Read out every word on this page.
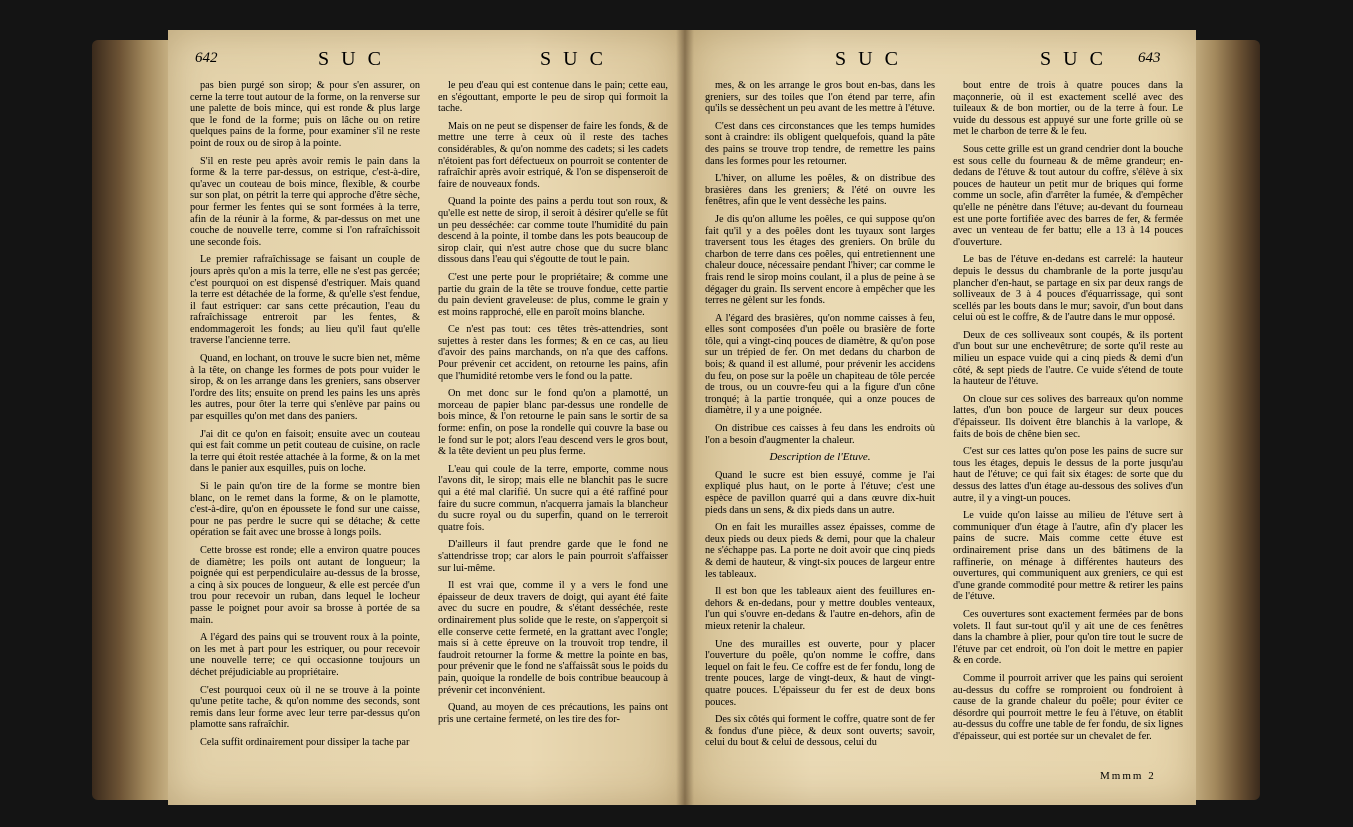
642	SUC	SUC	SUC	SUC 643

pas bien purgé son sirop; & pour s'en assurer, on cerne la terre tout autour de la forme, on la renverse sur une palette de bois mince, qui est ronde & plus large que le fond de la forme; puis on lâche ou on retire quelques pains de la forme, pour examiner s'il ne reste point de roux ou de sirop à la pointe.

S'il en reste peu après avoir remis le pain dans la forme & la terre par-dessus, on estrique, c'est-à-dire, qu'avec un couteau de bois mince, flexible, & courbe sur son plat, on pétrit la terre qui approche d'être sèche, pour fermer les fentes qui se sont formées à la terre, afin de la réunir à la forme, & par-dessus on met une couche de nouvelle terre, comme si l'on rafraîchissoit une seconde fois.

Le premier rafraîchissage se faisant un couple de jours après qu'on a mis la terre, elle ne s'est pas gercée; c'est pourquoi on est dispensé d'estriquer. Mais quand la terre est détachée de la forme, & qu'elle s'est fendue, il faut estriquer: car sans cette précaution, l'eau du rafraîchissage entreroit par les fentes, & endommageroit les fonds; au lieu qu'il faut qu'elle traverse l'ancienne terre.

Quand, en lochant, on trouve le sucre bien net, même à la tête, on change les formes de pots pour vuider le sirop, & on les arrange dans les greniers, sans observer l'ordre des lits; ensuite on prend les pains les uns après les autres, pour ôter la terre qui s'enlève par pains ou par esquilles qu'on met dans des paniers.

J'ai dit ce qu'on en faisoit; ensuite avec un couteau qui est fait comme un petit couteau de cuisine, on racle la terre qui étoit restée attachée à la forme, & on la met dans le panier aux esquilles, puis on loche.

Si le pain qu'on tire de la forme se montre bien blanc, on le remet dans la forme, & on le plamotte, c'est-à-dire, qu'on en époussete le fond sur une caisse, pour ne pas perdre le sucre qui se détache; & cette opération se fait avec une brosse à longs poils.

Cette brosse est ronde; elle a environ quatre pouces de diamètre; les poils ont autant de longueur; la poignée qui est perpendiculaire au-dessus de la brosse, a cinq à six pouces de longueur, & elle est percée d'un trou pour recevoir un ruban, dans lequel le locheur passe le poignet pour avoir sa brosse à portée de sa main.

A l'égard des pains qui se trouvent roux à la pointe, on les met à part pour les estriquer, ou pour recevoir une nouvelle terre; ce qui occasionne toujours un déchet préjudiciable au propriétaire.

C'est pourquoi ceux où il ne se trouve à la pointe qu'une petite tache, & qu'on nomme des seconds, sont remis dans leur forme avec leur terre par-dessus qu'on plamotte sans rafraîchir.

Cela suffit ordinairement pour dissiper la tache par

le peu d'eau qui est contenue dans le pain; cette eau, en s'égouttant, emporte le peu de sirop qui formoit la tache.

Mais on ne peut se dispenser de faire les fonds, & de mettre une terre à ceux où il reste des taches considérables, & qu'on nomme des cadets; si les cadets n'étoient pas fort défectueux on pourroit se contenter de rafraîchir après avoir estriqué, & l'on se dispenseroit de faire de nouveaux fonds.

Quand la pointe des pains a perdu tout son roux, & qu'elle est nette de sirop, il seroit à désirer qu'elle se fût un peu desséchée: car comme toute l'humidité du pain descend à la pointe, il tombe dans les pots beaucoup de sirop clair, qui n'est autre chose que du sucre blanc dissous dans l'eau qui s'égoutte de tout le pain.

C'est une perte pour le propriétaire; & comme une partie du grain de la tête se trouve fondue, cette partie du pain devient graveleuse: de plus, comme le grain y est moins rapproché, elle en paroît moins blanche.

Ce n'est pas tout: ces têtes très-attendries, sont sujettes à rester dans les formes; & en ce cas, au lieu d'avoir des pains marchands, on n'a que des caffons. Pour prévenir cet accident, on retourne les pains, afin que l'humidité retombe vers le fond ou la patte.

On met donc sur le fond qu'on a plamotté, un morceau de papier blanc par-dessus une rondelle de bois mince, & l'on retourne le pain sans le sortir de sa forme: enfin, on pose la rondelle qui couvre la base ou le fond sur le pot; alors l'eau descend vers le gros bout, & la tête devient un peu plus ferme.

L'eau qui coule de la terre, emporte, comme nous l'avons dit, le sirop; mais elle ne blanchit pas le sucre qui a été mal clarifié. Un sucre qui a été raffiné pour faire du sucre commun, n'acquerra jamais la blancheur du sucre royal ou du superfin, quand on le terreroit quatre fois.

D'ailleurs il faut prendre garde que le fond ne s'attendrisse trop; car alors le pain pourroit s'affaisser sur lui-même.

Il est vrai que, comme il y a vers le fond une épaisseur de deux travers de doigt, qui ayant été faite avec du sucre en poudre, & s'étant desséchée, reste ordinairement plus solide que le reste, on s'apperçoit si elle conserve cette fermeté, en la grattant avec l'ongle; mais si à cette épreuve on la trouvoit trop tendre, il faudroit retourner la forme & mettre la pointe en bas, pour prévenir que le fond ne s'affaissât sous le poids du pain, quoique la rondelle de bois contribue beaucoup à prévenir cet inconvénient.

Quand, au moyen de ces précautions, les pains ont pris une certaine fermeté, on les tire des for-

mes, & on les arrange le gros bout en-bas, dans les greniers, sur des toiles que l'on étend par terre, afin qu'ils se dessèchent un peu avant de les mettre à l'étuve.

C'est dans ces circonstances que les temps humides sont à craindre: ils obligent quelquefois, quand la pâte des pains se trouve trop tendre, de remettre les pains dans les formes pour les retourner.

L'hiver, on allume les poêles, & on distribue des brasières dans les greniers; & l'été on ouvre les fenêtres, afin que le vent dessèche les pains.

Je dis qu'on allume les poêles, ce qui suppose qu'on fait qu'il y a des poêles dont les tuyaux sont larges traversent tous les étages des greniers. On brûle du charbon de terre dans ces poêles, qui entretiennent une chaleur douce, nécessaire pendant l'hiver; car comme le frais rend le sirop moins coulant, il a plus de peine à se dégager du grain. Ils servent encore à empêcher que les terres ne gèlent sur les fonds.

A l'égard des brasières, qu'on nomme caisses à feu, elles sont composées d'un poêle ou brasière de forte tôle, qui a vingt-cinq pouces de diamètre, & qu'on pose sur un trépied de fer. On met dedans du charbon de bois; & quand il est allumé, pour prévenir les accidens du feu, on pose sur la poêle un chapiteau de tôle percée de trous, ou un couvre-feu qui a la figure d'un cône tronqué; à la partie tronquée, qui a onze pouces de diamètre, il y a une poignée.

On distribue ces caisses à feu dans les endroits où l'on a besoin d'augmenter la chaleur.

Description de l'Etuve.

Quand le sucre est bien essuyé, comme je l'ai expliqué plus haut, on le porte à l'étuve; c'est une espèce de pavillon quarré qui a dans œuvre dix-huit pieds dans un sens, & dix pieds dans un autre.

On en fait les murailles assez épaisses, comme de deux pieds ou deux pieds & demi, pour que la chaleur ne s'échappe pas. La porte ne doit avoir que cinq pieds & demi de hauteur, & vingt-six pouces de largeur entre les tableaux.

Il est bon que les tableaux aient des feuillures en-dehors & en-dedans, pour y mettre doubles venteaux, l'un qui s'ouvre en-dedans & l'autre en-dehors, afin de mieux retenir la chaleur.

Une des murailles est ouverte, pour y placer l'ouverture du poêle, qu'on nomme le coffre, dans lequel on fait le feu. Ce coffre est de fer fondu, long de trente pouces, large de vingt-deux, & haut de vingt-quatre pouces. L'épaisseur du fer est de deux bons pouces.

Des six côtés qui forment le coffre, quatre sont de fer & fondus d'une pièce, & deux sont ouverts; savoir, celui du bout & celui de dessous, celui du

bout entre de trois à quatre pouces dans la maçonnerie, où il est exactement scellé avec des tuileaux & de bon mortier, ou de la terre à four. Le vuide du dessous est appuyé sur une forte grille où se met le charbon de terre & le feu.

Sous cette grille est un grand cendrier dont la bouche est sous celle du fourneau & de même grandeur; en-dedans de l'étuve & tout autour du coffre, s'élève à six pouces de hauteur un petit mur de briques qui forme comme un socle, afin d'arrêter la fumée, & d'empêcher qu'elle ne pénètre dans l'étuve; au-devant du fourneau est une porte fortifiée avec des barres de fer, & fermée avec un venteau de fer battu; elle a 13 à 14 pouces d'ouverture.

Le bas de l'étuve en-dedans est carrelé: la hauteur depuis le dessus du chambranle de la porte jusqu'au plancher d'en-haut, se partage en six par deux rangs de solliveaux de 3 à 4 pouces d'équarrissage, qui sont scellés par les bouts dans le mur; savoir, d'un bout dans celui où est le coffre, & de l'autre dans le mur opposé.

Deux de ces solliveaux sont coupés, & ils portent d'un bout sur une enchevêtrure; de sorte qu'il reste au milieu un espace vuide qui a cinq pieds & demi d'un côté, & sept pieds de l'autre. Ce vuide s'étend de toute la hauteur de l'étuve.

On cloue sur ces solives des barreaux qu'on nomme lattes, d'un bon pouce de largeur sur deux pouces d'épaisseur. Ils doivent être blanchis à la varlope, & faits de bois de chêne bien sec.

C'est sur ces lattes qu'on pose les pains de sucre sur tous les étages, depuis le dessus de la porte jusqu'au haut de l'étuve; ce qui fait six étages: de sorte que du dessus des lattes d'un étage au-dessous des solives d'un autre, il y a vingt-un pouces.

Le vuide qu'on laisse au milieu de l'étuve sert à communiquer d'un étage à l'autre, afin d'y placer les pains de sucre. Mais comme cette étuve est ordinairement prise dans un des bâtimens de la raffinerie, on ménage à différentes hauteurs des ouvertures, qui communiquent aux greniers, ce qui est d'une grande commodité pour mettre & retirer les pains de l'étuve.

Ces ouvertures sont exactement fermées par de bons volets. Il faut sur-tout qu'il y ait une de ces fenêtres dans la chambre à plier, pour qu'on tire tout le sucre de l'étuve par cet endroit, où l'on doit le mettre en papier & en corde.

Comme il pourroit arriver que les pains qui seroient au-dessus du coffre se romproient ou fondroient à cause de la grande chaleur du poêle; pour éviter ce désordre qui pourroit mettre le feu à l'étuve, on établit au-dessus du coffre une table de fer fondu, de six lignes d'épaisseur, qui est portée sur un chevalet de fer.

Mmmm 2
